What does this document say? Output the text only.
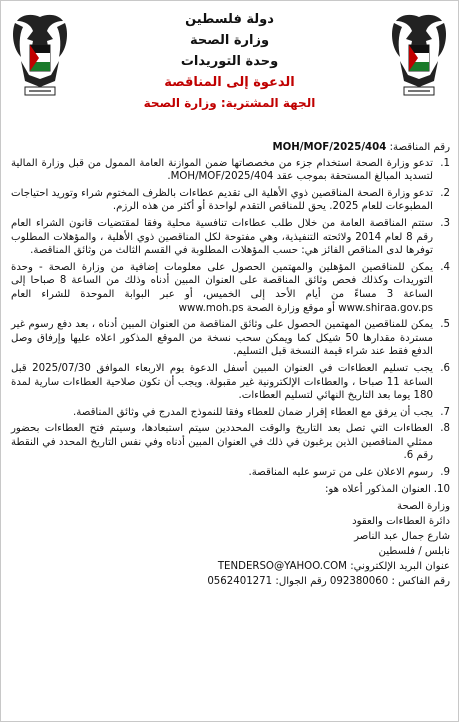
دولة فلسطين
وزارة الصحة
وحدة التوريدات
الدعوة إلى المناقصة
الجهة المشترية: وزارة الصحة

رقم المناقصة: MOH/MOF/2025/404

1.
تدعو وزارة الصحة استخدام جزء من مخصصاتها ضمن الموازنة العامة الممول من قبل وزارة المالية لتسديد المبالغ المستحقة بموجب عقد MOH/MOF/2025/404.
2.
تدعو وزارة الصحة المناقصين ذوي الأهلية الى تقديم عطاءات بالظرف المختوم شراء وتوريد احتياجات المطبوعات للعام 2025. يحق للمناقص التقدم لواحدة أو أكثر من هذه الرزم.
3.
ستتم المناقصة العامة من خلال طلب عطاءات تنافسية محلية وفقا لمقتضيات قانون الشراء العام رقم 8 لعام 2014 ولائحته التنفيذية، وهي مفتوحة لكل المناقصين ذوي الأهلية ، والمؤهلات المطلوب توفرها لدى المناقص الفائز هي: حسب المؤهلات المطلوبة في القسم الثالث من وثائق المناقصة.
4.
يمكن للمناقصين المؤهلين والمهتمين الحصول على معلومات إضافية من وزارة الصحة - وحدة التوريدات وكذلك فحص وثائق المناقصة على العنوان المبين أدناه وذلك من الساعة 8 صباحا إلى الساعة 3 مساءً من أيام الأحد إلى الخميس، أو عبر البوابة الموحدة للشراء العام www.shiraa.gov.ps أو موقع وزارة الصحة www.moh.ps
5.
يمكن للمناقصين المهتمين الحصول على وثائق المناقصة من العنوان المبين أدناه ، بعد دفع رسوم غير مستردة مقدارها 50 شيكل كما ويمكن سحب نسخة من الموقع المذكور اعلاه عليها وإرفاق وصل الدفع فقط عند شراء قيمة النسخة قبل التسليم.
6.
يجب تسليم العطاءات في العنوان المبين أسفل الدعوة يوم الاربعاء الموافق 2025/07/30 قبل الساعة 11 صباحا ، والعطاءات الإلكترونية غير مقبولة. ويجب أن تكون صلاحية العطاءات سارية لمدة 180 يوما بعد التاريخ النهائي لتسليم العطاءات.
7.
يجب أن يرفق مع العطاء إقرار ضمان للعطاء وفقا للنموذج المدرج في وثائق المناقصة.
8.
العطاءات التي تصل بعد التاريخ والوقت المحددين سيتم استبعادها، وسيتم فتح العطاءات بحضور ممثلي المناقصين الذين يرغبون في ذلك في العنوان المبين أدناه وفي نفس التاريخ المحدد في النقطة رقم 6.
9.
رسوم الاعلان على من ترسو عليه المناقصة.
10.
العنوان المذكور أعلاه هو:
وزارة الصحة
دائرة العطاءات والعقود
شارع جمال عبد الناصر
نابلس / فلسطين
عنوان البريد الإلكتروني: TENDERSO@YAHOO.COM
رقم الفاكس : 092380060 رقم الجوال: 0562401271
